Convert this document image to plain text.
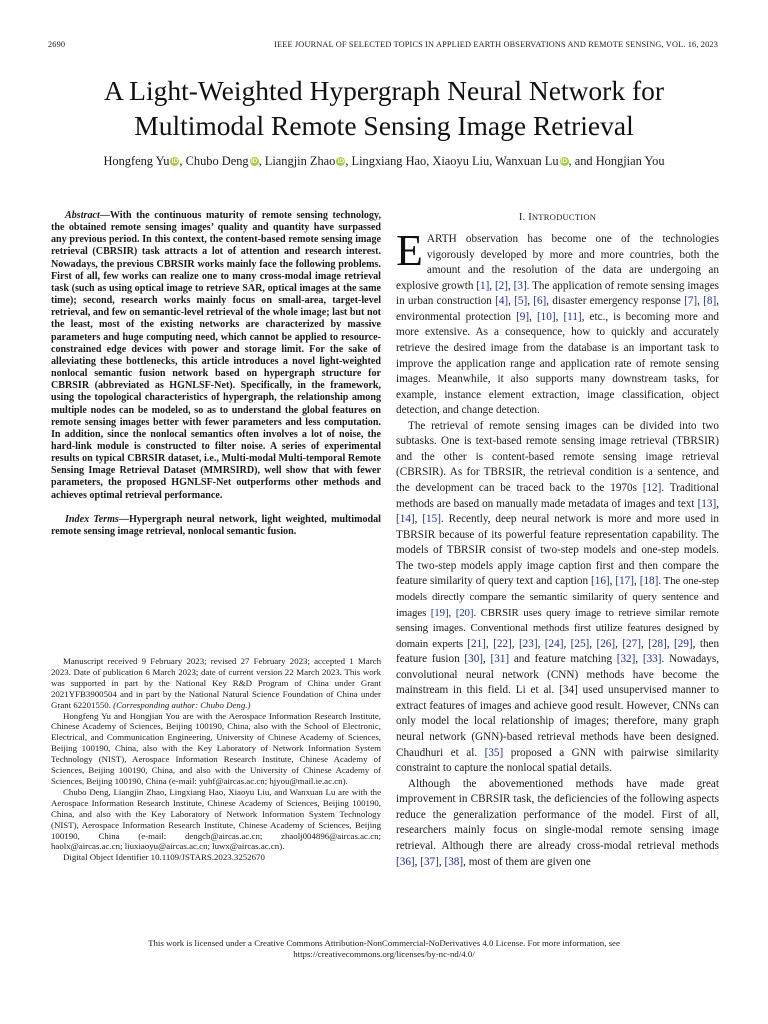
2690	IEEE JOURNAL OF SELECTED TOPICS IN APPLIED EARTH OBSERVATIONS AND REMOTE SENSING, VOL. 16, 2023
A Light-Weighted Hypergraph Neural Network for
Multimodal Remote Sensing Image Retrieval
Hongfeng Yu iD, Chubo Deng iD, Liangjin Zhao iD, Lingxiang Hao, Xiaoyu Liu, Wanxuan Lu iD, and Hongjian You

Abstract—With the continuous maturity of remote sensing technology, the obtained remote sensing images’ quality and quantity have surpassed any previous period. In this context, the content-based remote sensing image retrieval (CBRSIR) task attracts a lot of attention and research interest. Nowadays, the previous CBRSIR works mainly face the following problems. First of all, few works can realize one to many cross-modal image retrieval task (such as using optical image to retrieve SAR, optical images at the same time); second, research works mainly focus on small-area, target-level retrieval, and few on semantic-level retrieval of the whole image; last but not the least, most of the existing networks are characterized by massive parameters and huge computing need, which cannot be applied to resource-constrained edge devices with power and storage limit. For the sake of alleviating these bottlenecks, this article introduces a novel light-weighted nonlocal semantic fusion network based on hypergraph structure for CBRSIR (abbreviated as HGNLSF-Net). Specifically, in the framework, using the topological characteristics of hypergraph, the relationship among multiple nodes can be modeled, so as to understand the global features on remote sensing images better with fewer parameters and less computation. In addition, since the nonlocal semantics often involves a lot of noise, the hard-link module is constructed to filter noise. A series of experimental results on typical CBRSIR dataset, i.e., Multi-modal Multi-temporal Remote Sensing Image Retrieval Dataset (MMRSIRD), well show that with fewer parameters, the proposed HGNLSF-Net outperforms other methods and achieves optimal retrieval performance.

Index Terms—Hypergraph neural network, light weighted, multimodal remote sensing image retrieval, nonlocal semantic fusion.

Manuscript received 9 February 2023; revised 27 February 2023; accepted 1 March 2023. Date of publication 6 March 2023; date of current version 22 March 2023. This work was supported in part by the National Key R&D Program of China under Grant 2021YFB3900504 and in part by the National Natural Science Foundation of China under Grant 62201550. (Corresponding author: Chubo Deng.)

Hongfeng Yu and Hongjian You are with the Aerospace Information Research Institute, Chinese Academy of Sciences, Beijing 100190, China, also with the School of Electronic, Electrical, and Communication Engineering, University of Chinese Academy of Sciences, Beijing 100190, China, also with the Key Laboratory of Network Information System Technology (NIST), Aerospace Information Research Institute, Chinese Academy of Sciences, Beijing 100190, China, and also with the University of Chinese Academy of Sciences, Beijing 100190, China (e-mail: yuhf@aircas.ac.cn; hjyou@mail.ie.ac.cn).

Chubo Deng, Liangjin Zhao, Lingxiang Hao, Xiaoyu Liu, and Wanxuan Lu are with the Aerospace Information Research Institute, Chinese Academy of Sciences, Beijing 100190, China, and also with the Key Laboratory of Network Information System Technology (NIST), Aerospace Information Research Institute, Chinese Academy of Sciences, Beijing 100190, China (e-mail: dengcb@aircas.ac.cn; zhaolj004896@aircas.ac.cn; haolx@aircas.ac.cn; liuxiaoyu@aircas.ac.cn; luwx@aircas.ac.cn).

Digital Object Identifier 10.1109/JSTARS.2023.3252670

I. INTRODUCTION

EARTH observation has become one of the technologies vigorously developed by more and more countries, both the amount and the resolution of the data are undergoing an explosive growth [1], [2], [3]. The application of remote sensing images in urban construction [4], [5], [6], disaster emergency response [7], [8], environmental protection [9], [10], [11], etc., is becoming more and more extensive. As a consequence, how to quickly and accurately retrieve the desired image from the database is an important task to improve the application range and application rate of remote sensing images. Meanwhile, it also supports many downstream tasks, for example, instance element extraction, image classification, object detection, and change detection.

The retrieval of remote sensing images can be divided into two subtasks. One is text-based remote sensing image retrieval (TBRSIR) and the other is content-based remote sensing image retrieval (CBRSIR). As for TBRSIR, the retrieval condition is a sentence, and the development can be traced back to the 1970s [12]. Traditional methods are based on manually made metadata of images and text [13], [14], [15]. Recently, deep neural network is more and more used in TBRSIR because of its powerful feature representation capability. The models of TBRSIR consist of two-step models and one-step models. The two-step models apply image caption first and then compare the feature similarity of query text and caption [16], [17], [18]. The one-step models directly compare the semantic similarity of query sentence and images [19], [20]. CBRSIR uses query image to retrieve similar remote sensing images. Conventional methods first utilize features designed by domain experts [21], [22], [23], [24], [25], [26], [27], [28], [29], then feature fusion [30], [31] and feature matching [32], [33]. Nowadays, convolutional neural network (CNN) methods have become the mainstream in this field. Li et al. [34] used unsupervised manner to extract features of images and achieve good result. However, CNNs can only model the local relationship of images; therefore, many graph neural network (GNN)-based retrieval methods have been designed. Chaudhuri et al. [35] proposed a GNN with pairwise similarity constraint to capture the nonlocal spatial details.

Although the abovementioned methods have made great improvement in CBRSIR task, the deficiencies of the following aspects reduce the generalization performance of the model. First of all, researchers mainly focus on single-modal remote sensing image retrieval. Although there are already cross-modal retrieval methods [36], [37], [38], most of them are given one

This work is licensed under a Creative Commons Attribution-NonCommercial-NoDerivatives 4.0 License. For more information, see
https://creativecommons.org/licenses/by-nc-nd/4.0/
